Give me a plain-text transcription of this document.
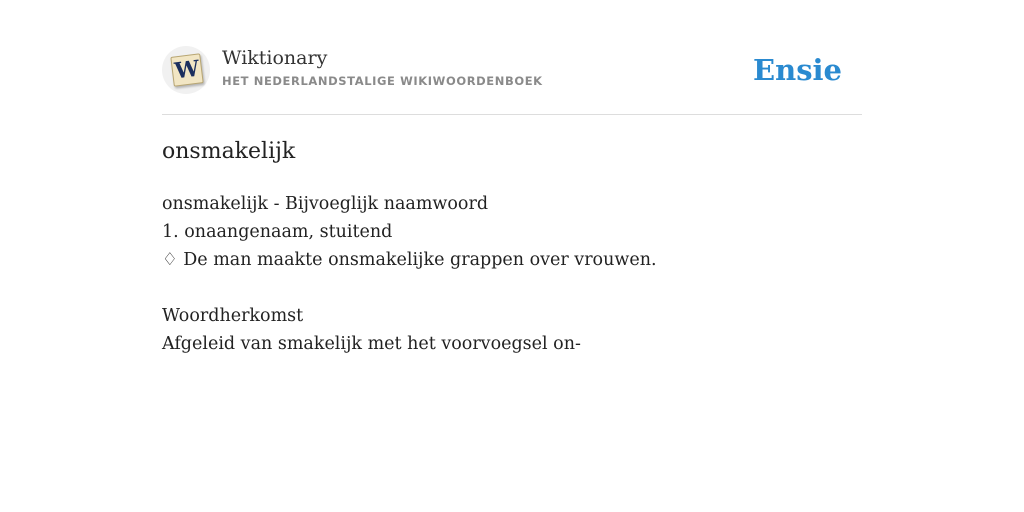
W Wiktionary
HET NEDERLANDSTALIGE WIKIWOORDENBOEK	Ensie
onsmakelijk
onsmakelijk - Bijvoeglijk naamwoord
1. onaangenaam, stuitend
♢ De man maakte onsmakelijke grappen over vrouwen.
Woordherkomst
Afgeleid van smakelijk met het voorvoegsel on-
